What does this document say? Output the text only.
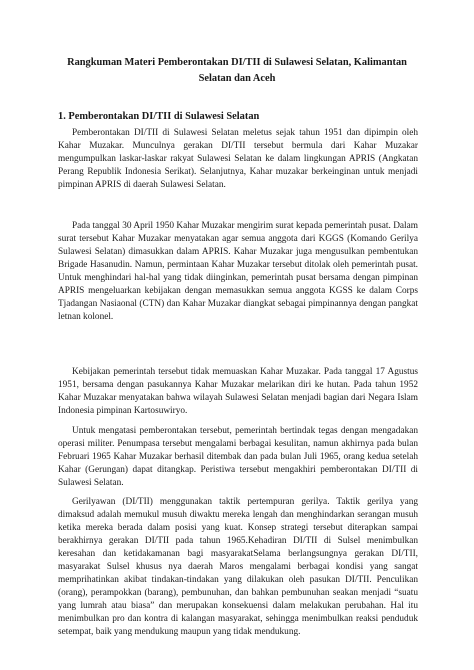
Rangkuman Materi Pemberontakan DI/TII di Sulawesi Selatan, Kalimantan Selatan dan Aceh
1. Pemberontakan DI/TII di Sulawesi Selatan

Pemberontakan DI/TII di Sulawesi Selatan meletus sejak tahun 1951 dan dipimpin oleh Kahar Muzakar. Munculnya gerakan DI/TII tersebut bermula dari Kahar Muzakar mengumpulkan laskar-laskar rakyat Sulawesi Selatan ke dalam lingkungan APRIS (Angkatan Perang Republik Indonesia Serikat). Selanjutnya, Kahar muzakar berkeinginan untuk menjadi pimpinan APRIS di daerah Sulawesi Selatan.

Pada tanggal 30 April 1950 Kahar Muzakar mengirim surat kepada pemerintah pusat. Dalam surat tersebut Kahar Muzakar menyatakan agar semua anggota dari KGGS (Komando Gerilya Sulawesi Selatan) dimasukkan dalam APRIS. Kahar Muzakar juga mengusulkan pembentukan Brigade Hasanudin. Namun, permintaan Kahar Muzakar tersebut ditolak oleh pemerintah pusat. Untuk menghindari hal-hal yang tidak diinginkan, pemerintah pusat bersama dengan pimpinan APRIS mengeluarkan kebijakan dengan memasukkan semua anggota KGSS ke dalam Corps Tjadangan Nasiaonal (CTN) dan Kahar Muzakar diangkat sebagai pimpinannya dengan pangkat letnan kolonel.

Kebijakan pemerintah tersebut tidak memuaskan Kahar Muzakar. Pada tanggal 17 Agustus 1951, bersama dengan pasukannya Kahar Muzakar melarikan diri ke hutan. Pada tahun 1952 Kahar Muzakar menyatakan bahwa wilayah Sulawesi Selatan menjadi bagian dari Negara Islam Indonesia pimpinan Kartosuwiryo.

Untuk mengatasi pemberontakan tersebut, pemerintah bertindak tegas dengan mengadakan operasi militer. Penumpasa tersebut mengalami berbagai kesulitan, namun akhirnya pada bulan Februari 1965 Kahar Muzakar berhasil ditembak dan pada bulan Juli 1965, orang kedua setelah Kahar (Gerungan) dapat ditangkap. Peristiwa tersebut mengakhiri pemberontakan DI/TII di Sulawesi Selatan.

Gerilyawan (DI/TII) menggunakan taktik pertempuran gerilya. Taktik gerilya yang dimaksud adalah memukul musuh diwaktu mereka lengah dan menghindarkan serangan musuh ketika mereka berada dalam posisi yang kuat. Konsep strategi tersebut diterapkan sampai berakhirnya gerakan DI/TII pada tahun 1965.Kehadiran DI/TII di Sulsel menimbulkan keresahan dan ketidakamanan bagi masyarakatSelama berlangsungnya gerakan DI/TII, masyarakat Sulsel khusus nya daerah Maros mengalami berbagai kondisi yang sangat memprihatinkan akibat tindakan-tindakan yang dilakukan oleh pasukan DI/TII. Penculikan (orang), perampokkan (barang), pembunuhan, dan bahkan pembunuhan seakan menjadi “suatu yang lumrah atau biasa” dan merupakan konsekuensi dalam melakukan perubahan. Hal itu menimbulkan pro dan kontra di kalangan masyarakat, sehingga menimbulkan reaksi penduduk setempat, baik yang mendukung maupun yang tidak mendukung.
